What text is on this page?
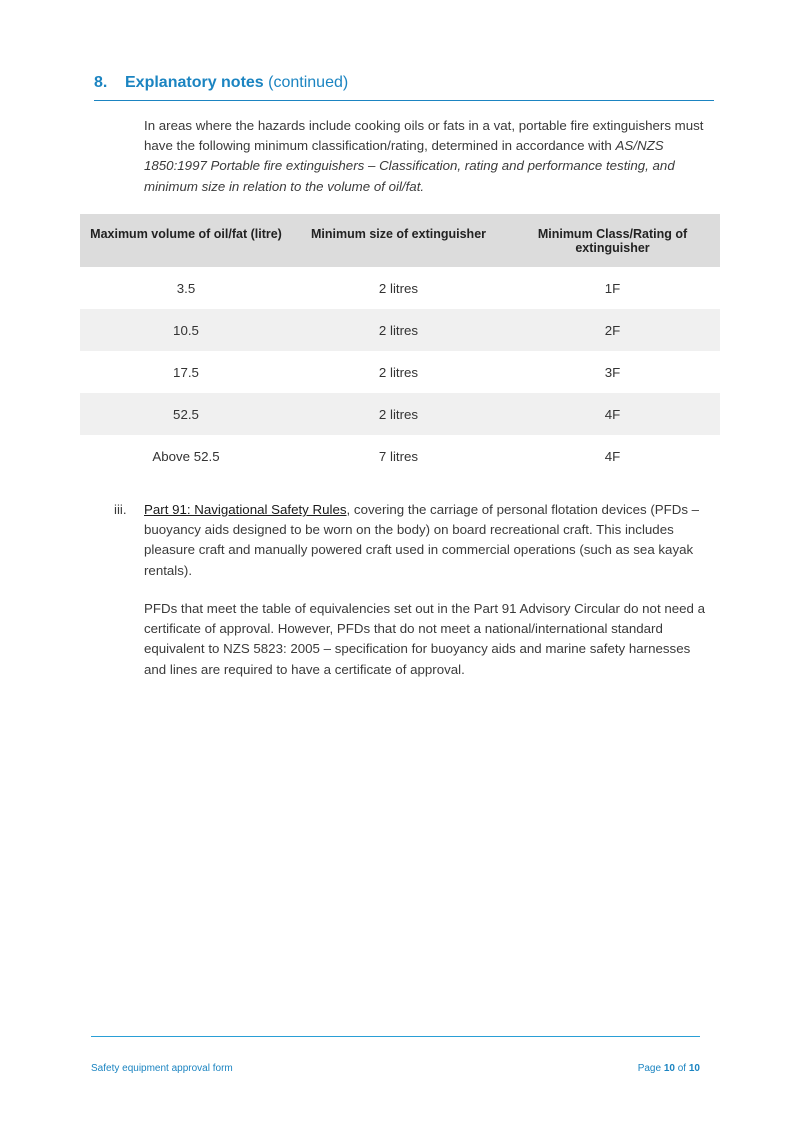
8. Explanatory notes (continued)
In areas where the hazards include cooking oils or fats in a vat, portable fire extinguishers must have the following minimum classification/rating, determined in accordance with AS/NZS 1850:1997 Portable fire extinguishers – Classification, rating and performance testing, and minimum size in relation to the volume of oil/fat.
Maximum volume of oil/fat (litre)	Minimum size of extinguisher	Minimum Class/Rating of extinguisher
3.5	2 litres	1F
10.5	2 litres	2F
17.5	2 litres	3F
52.5	2 litres	4F
Above 52.5	7 litres	4F
iii. Part 91: Navigational Safety Rules, covering the carriage of personal flotation devices (PFDs – buoyancy aids designed to be worn on the body) on board recreational craft. This includes pleasure craft and manually powered craft used in commercial operations (such as sea kayak rentals).
PFDs that meet the table of equivalencies set out in the Part 91 Advisory Circular do not need a certificate of approval. However, PFDs that do not meet a national/international standard equivalent to NZS 5823: 2005 – specification for buoyancy aids and marine safety harnesses and lines are required to have a certificate of approval.
Safety equipment approval form	Page 10 of 10
